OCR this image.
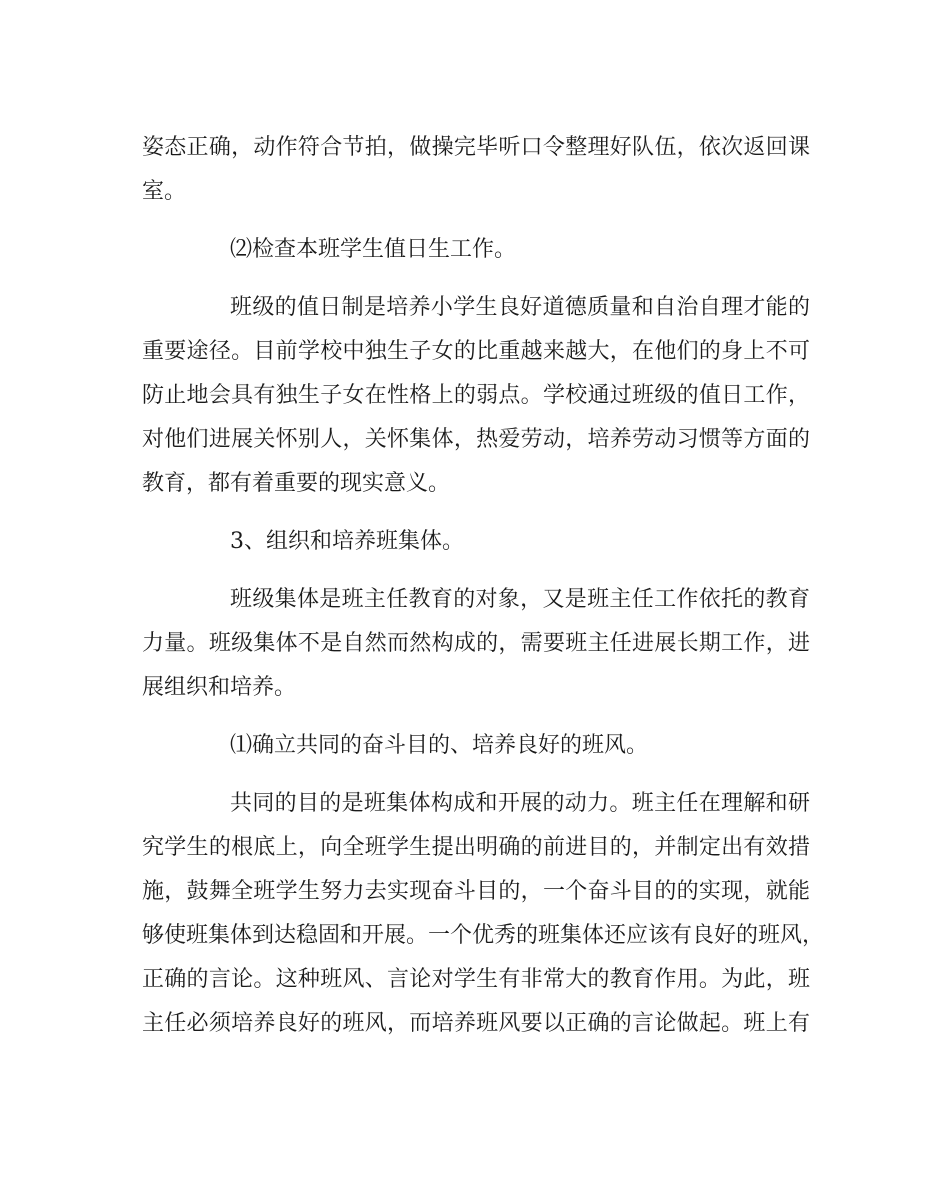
姿态正确，动作符合节拍，做操完毕听口令整理好队伍，依次返回课
室。
⑵检查本班学生值日生工作。
班级的值日制是培养小学生良好道德质量和自治自理才能的
重要途径。目前学校中独生子女的比重越来越大，在他们的身上不可
防止地会具有独生子女在性格上的弱点。学校通过班级的值日工作，
对他们进展关怀别人，关怀集体，热爱劳动，培养劳动习惯等方面的
教育，都有着重要的现实意义。
3、组织和培养班集体。
班级集体是班主任教育的对象，又是班主任工作依托的教育
力量。班级集体不是自然而然构成的，需要班主任进展长期工作，进
展组织和培养。
⑴确立共同的奋斗目的、培养良好的班风。
共同的目的是班集体构成和开展的动力。班主任在理解和研
究学生的根底上，向全班学生提出明确的前进目的，并制定出有效措
施，鼓舞全班学生努力去实现奋斗目的，一个奋斗目的的实现，就能
够使班集体到达稳固和开展。一个优秀的班集体还应该有良好的班风，
正确的言论。这种班风、言论对学生有非常大的教育作用。为此，班
主任必须培养良好的班风，而培养班风要以正确的言论做起。班上有
